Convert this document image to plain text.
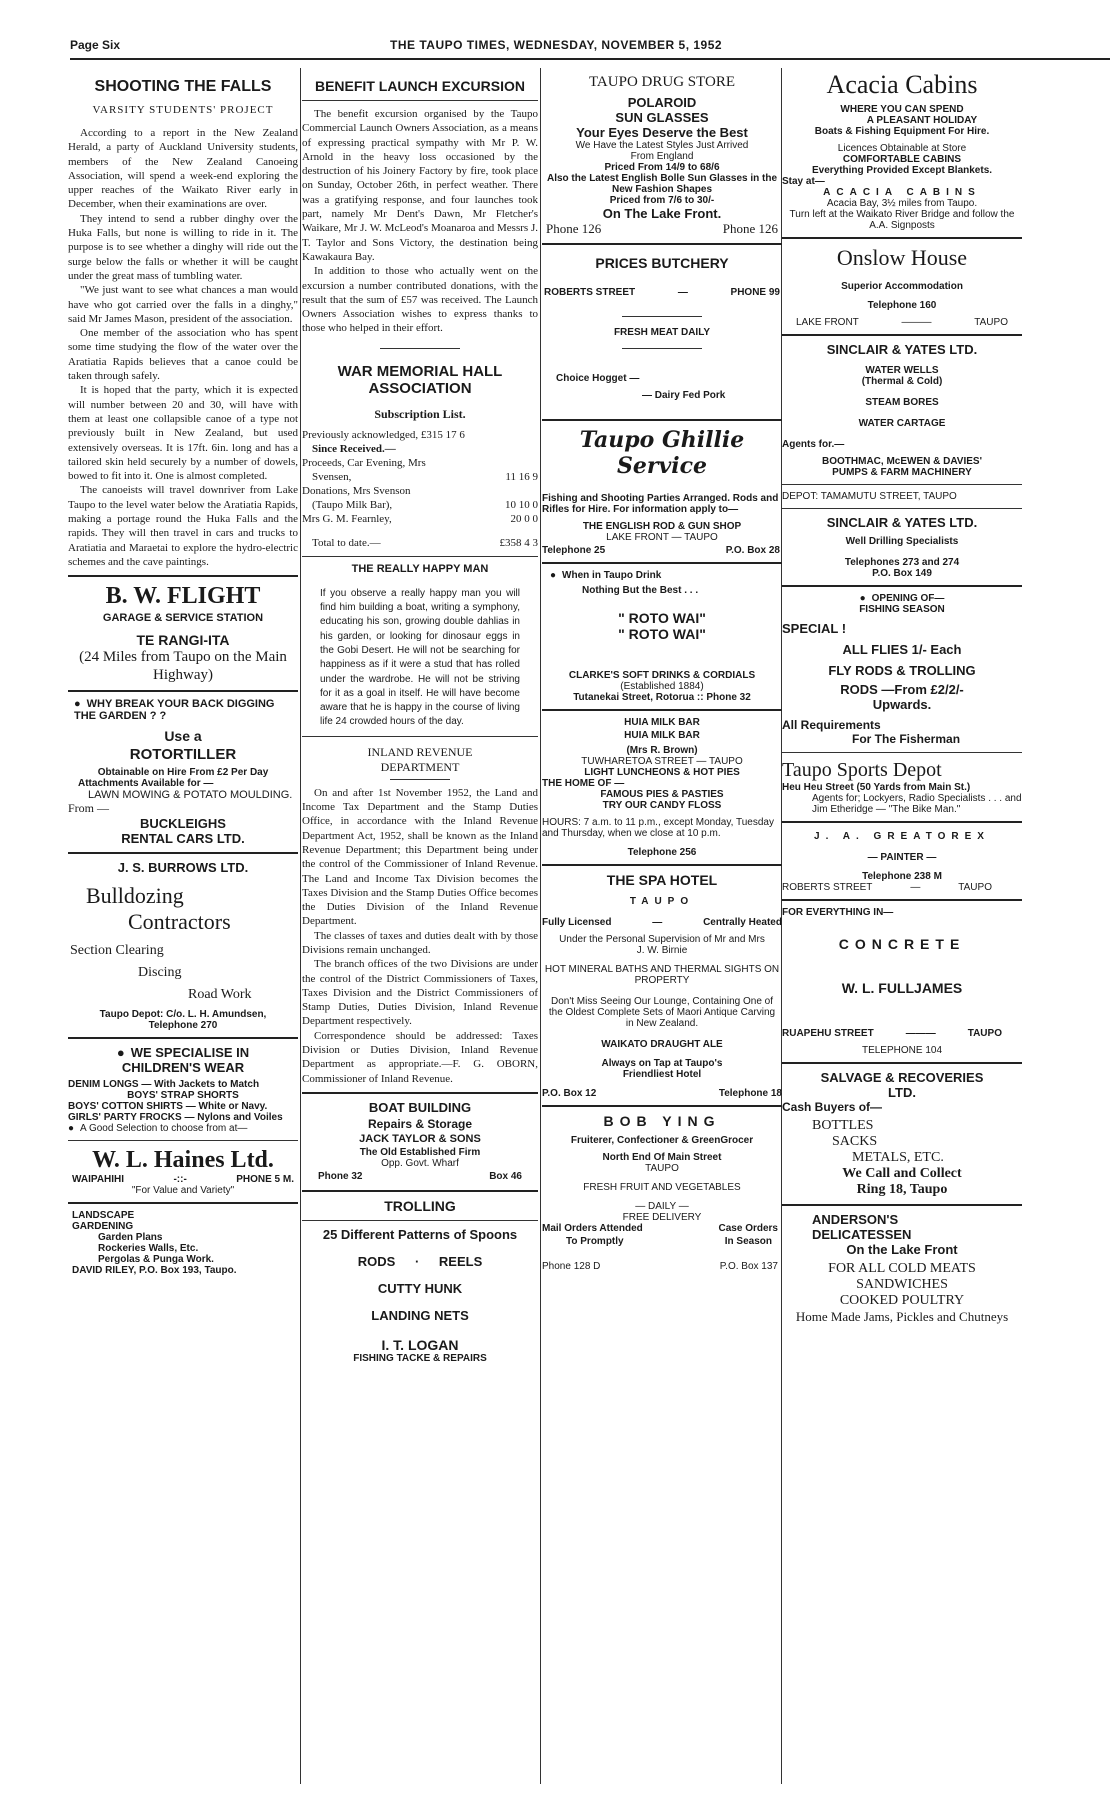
Page Six	THE TAUPO TIMES, WEDNESDAY, NOVEMBER 5, 1952
SHOOTING THE FALLS
VARSITY STUDENTS' PROJECT

According to a report in the New Zealand Herald, a party of Auckland University students, members of the New Zealand Canoeing Association, will spend a week-end exploring the upper reaches of the Waikato River early in December, when their examinations are over.

They intend to send a rubber dinghy over the Huka Falls, but none is willing to ride in it. The purpose is to see whether a dinghy will ride out the surge below the falls or whether it will be caught under the great mass of tumbling water.

"We just want to see what chances a man would have who got carried over the falls in a dinghy," said Mr James Mason, president of the association.

One member of the association who has spent some time studying the flow of the water over the Aratiatia Rapids believes that a canoe could be taken through safely.

It is hoped that the party, which it is expected will number between 20 and 30, will have with them at least one collapsible canoe of a type not previously built in New Zealand, but used extensively overseas. It is 17ft. 6in. long and has a tailored skin held securely by a number of dowels, bowed to fit into it. One is almost completed.

The canoeists will travel downriver from Lake Taupo to the level water below the Aratiatia Rapids, making a portage round the Huka Falls and the rapids. They will then travel in cars and trucks to Aratiatia and Maraetai to explore the hydro-electric schemes and the cave paintings.

B. W. FLIGHT
GARAGE & SERVICE STATION
TE RANGI-ITA
(24 Miles from Taupo on the Main Highway)
● WHY BREAK YOUR BACK DIGGING THE GARDEN ? ?
Use a
ROTORTILLER
Obtainable on Hire From £2 Per Day
Attachments Available for —
LAWN MOWING & POTATO MOULDING.
From —
BUCKLEIGHS
RENTAL CARS LTD.
J. S. BURROWS LTD.
Bulldozing
Contractors
Section Clearing
Discing
Road Work
Taupo Depot: C/o. L. H. Amundsen,
Telephone 270
● WE SPECIALISE IN
CHILDREN'S WEAR
DENIM LONGS — With Jackets to Match
BOYS' STRAP SHORTS
BOYS' COTTON SHIRTS — White or Navy.
GIRLS' PARTY FROCKS — Nylons and Voiles
● A Good Selection to choose from at—
W. L. Haines Ltd.
WAIPAHIHI	-::-	PHONE 5 M.
"For Value and Variety"
LANDSCAPE
GARDENING
Garden Plans
Rockeries Walls, Etc.
Pergolas & Punga Work.
DAVID RILEY, P.O. Box 193, Taupo.
BENEFIT LAUNCH EXCURSION

The benefit excursion organised by the Taupo Commercial Launch Owners Association, as a means of expressing practical sympathy with Mr P. W. Arnold in the heavy loss occasioned by the destruction of his Joinery Factory by fire, took place on Sunday, October 26th, in perfect weather. There was a gratifying response, and four launches took part, namely Mr Dent's Dawn, Mr Fletcher's Waikare, Mr J. W. McLeod's Moanaroa and Messrs J. T. Taylor and Sons Victory, the destination being Kawakaura Bay.

In addition to those who actually went on the excursion a number contributed donations, with the result that the sum of £57 was received. The Launch Owners Association wishes to express thanks to those who helped in their effort.

WAR MEMORIAL HALL
ASSOCIATION
Subscription List.
Previously acknowledged, £315 17 6	
Since Received.—	
Proceeds, Car Evening, Mrs	
Svensen,	11 16 9
Donations, Mrs Svenson	
(Taupo Milk Bar),	10 10 0
Mrs G. M. Fearnley,	20 0 0
Total to date.—	£358 4 3
THE REALLY HAPPY MAN

If you observe a really happy man you will find him building a boat, writing a symphony, educating his son, growing double dahlias in his garden, or looking for dinosaur eggs in the Gobi Desert. He will not be searching for happiness as if it were a stud that has rolled under the wardrobe. He will not be striving for it as a goal in itself. He will have become aware that he is happy in the course of living life 24 crowded hours of the day.

INLAND REVENUE
DEPARTMENT

On and after 1st November 1952, the Land and Income Tax Department and the Stamp Duties Office, in accordance with the Inland Revenue Department Act, 1952, shall be known as the Inland Revenue Department; this Department being under the control of the Commissioner of Inland Revenue. The Land and Income Tax Division becomes the Taxes Division and the Stamp Duties Office becomes the Duties Division of the Inland Revenue Department.

The classes of taxes and duties dealt with by those Divisions remain unchanged.

The branch offices of the two Divisions are under the control of the District Commissioners of Taxes, Taxes Division and the District Commissioners of Stamp Duties, Duties Division, Inland Revenue Department respectively.

Correspondence should be addressed: Taxes Division or Duties Division, Inland Revenue Department as appropriate.—F. G. OBORN, Commissioner of Inland Revenue.

BOAT BUILDING
Repairs & Storage
JACK TAYLOR & SONS
The Old Established Firm
Opp. Govt. Wharf
Phone 32	Box 46
TROLLING
25 Different Patterns of Spoons
RODS · REELS
CUTTY HUNK
LANDING NETS
I. T. LOGAN
FISHING TACKE & REPAIRS
TAUPO DRUG STORE
POLAROID
SUN GLASSES
Your Eyes Deserve the Best
We Have the Latest Styles Just Arrived From England
Priced From 14/9 to 68/6
Also the Latest English Bolle Sun Glasses in the New Fashion Shapes
Priced from 7/6 to 30/-
On The Lake Front.
Phone 126	Phone 126
PRICES BUTCHERY
ROBERTS STREET	—	PHONE 99
FRESH MEAT DAILY
Choice Hogget —
— Dairy Fed Pork
Taupo Ghillie Service
Fishing and Shooting Parties Arranged. Rods and Rifles for Hire. For information apply to—
THE ENGLISH ROD & GUN SHOP
LAKE FRONT — TAUPO
Telephone 25	P.O. Box 28
● When in Taupo Drink
Nothing But the Best . . .
" ROTO WAI"
" ROTO WAI"
CLARKE'S SOFT DRINKS & CORDIALS
(Established 1884)
Tutanekai Street, Rotorua :: Phone 32
HUIA MILK BAR
HUIA MILK BAR
(Mrs R. Brown)
TUWHARETOA STREET — TAUPO
LIGHT LUNCHEONS & HOT PIES
THE HOME OF —
FAMOUS PIES & PASTIES
TRY OUR CANDY FLOSS
HOURS: 7 a.m. to 11 p.m., except Monday, Tuesday and Thursday, when we close at 10 p.m.
Telephone 256
THE SPA HOTEL
TAUPO
Fully Licensed	—	Centrally Heated
Under the Personal Supervision of Mr and Mrs J. W. Birnie
HOT MINERAL BATHS AND THERMAL SIGHTS ON PROPERTY
Don't Miss Seeing Our Lounge, Containing One of the Oldest Complete Sets of Maori Antique Carving in New Zealand.
WAIKATO DRAUGHT ALE
Always on Tap at Taupo's Friendliest Hotel
P.O. Box 12	Telephone 18
BOB YING
Fruiterer, Confectioner & GreenGrocer
North End Of Main Street
TAUPO
FRESH FRUIT AND VEGETABLES
— DAILY —
FREE DELIVERY
Mail Orders Attended	Case Orders
To Promptly	In Season
Phone 128 D	P.O. Box 137
Acacia Cabins
WHERE YOU CAN SPEND
A PLEASANT HOLIDAY
Boats & Fishing Equipment For Hire.
Licences Obtainable at Store
COMFORTABLE CABINS
Everything Provided Except Blankets.
Stay at—
ACACIA CABINS
Acacia Bay, 3½ miles from Taupo.
Turn left at the Waikato River Bridge and follow the A.A. Signposts
Onslow House
Superior Accommodation
Telephone 160
LAKE FRONT	———	TAUPO
SINCLAIR & YATES LTD.
WATER WELLS
(Thermal & Cold)
STEAM BORES
WATER CARTAGE
Agents for.—
BOOTHMAC, McEWEN & DAVIES'
PUMPS & FARM MACHINERY
DEPOT: TAMAMUTU STREET, TAUPO
SINCLAIR & YATES LTD.
Well Drilling Specialists
Telephones 273 and 274
P.O. Box 149
● OPENING OF—
FISHING SEASON
SPECIAL !
ALL FLIES 1/- Each
FLY RODS & TROLLING
RODS —From £2/2/-
Upwards.
All Requirements
For The Fisherman
Taupo Sports Depot
Heu Heu Street (50 Yards from Main St.)
Agents for; Lockyers, Radio Specialists . . . and Jim Etheridge — "The Bike Man."
J. A. GREATOREX
— PAINTER —
Telephone 238 M
ROBERTS STREET	—	TAUPO
FOR EVERYTHING IN—
CONCRETE
W. L. FULLJAMES
RUAPEHU STREET	———	TAUPO
TELEPHONE 104
SALVAGE & RECOVERIES
LTD.
Cash Buyers of—
BOTTLES
SACKS
METALS, ETC.
We Call and Collect
Ring 18, Taupo
ANDERSON'S
DELICATESSEN
On the Lake Front
FOR ALL COLD MEATS
SANDWICHES
COOKED POULTRY
Home Made Jams, Pickles and Chutneys
